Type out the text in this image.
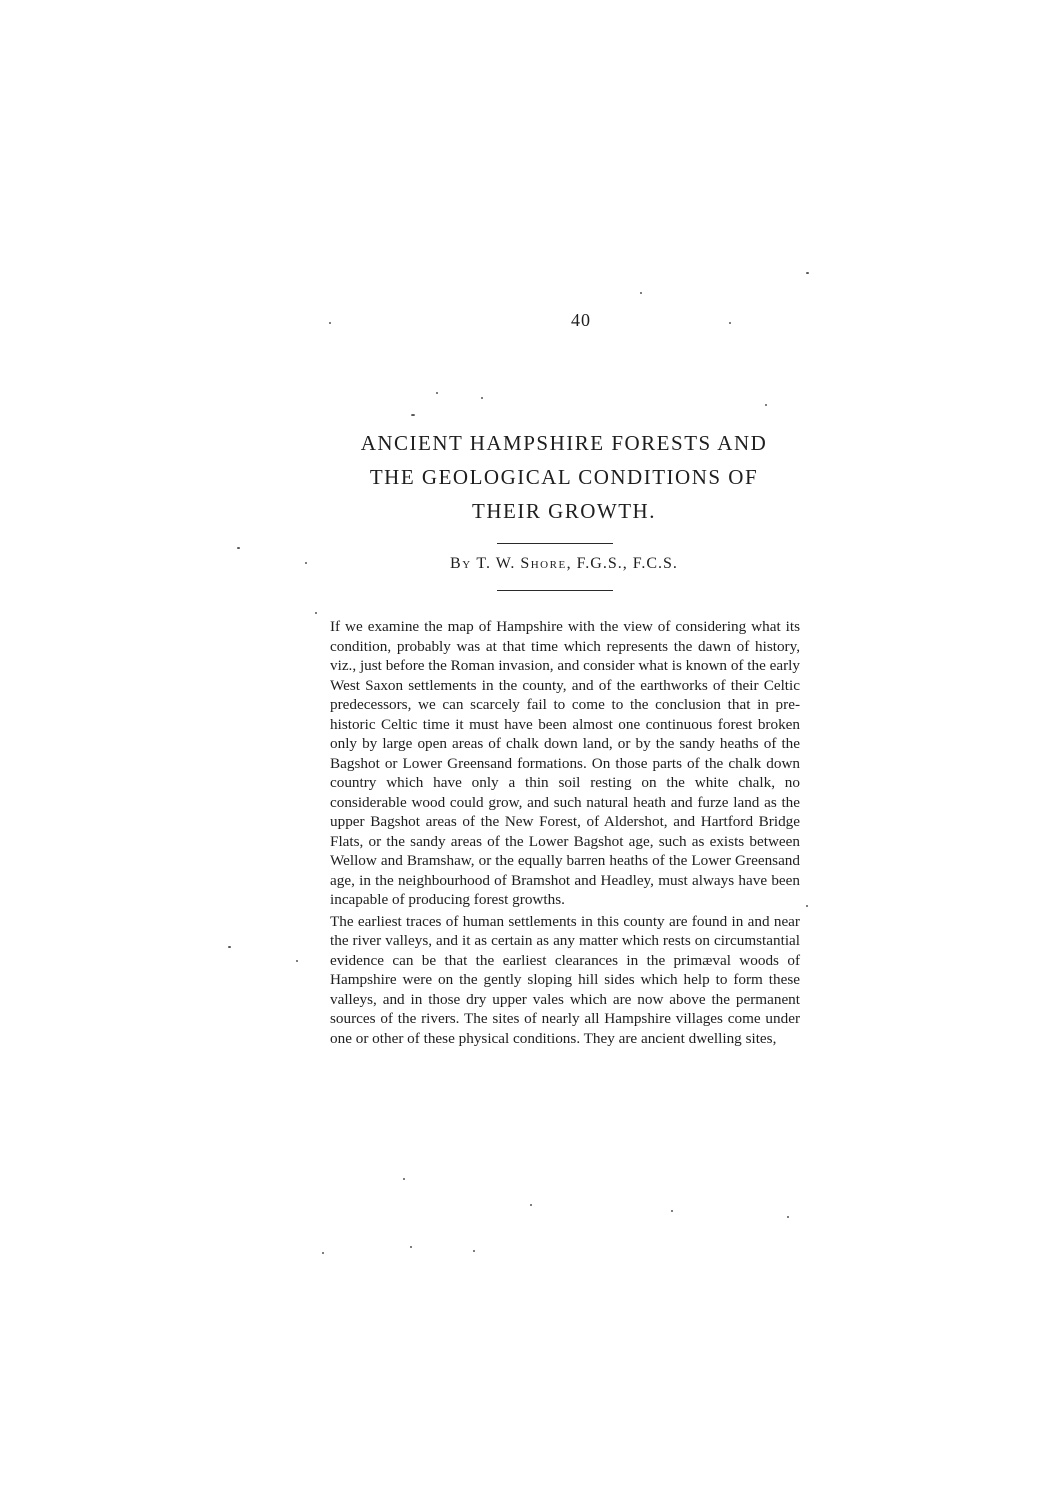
40
ANCIENT HAMPSHIRE FORESTS AND
THE GEOLOGICAL CONDITIONS OF
THEIR GROWTH.
By T. W. Shore, F.G.S., F.C.S.

If we examine the map of Hampshire with the view of considering what its condition, probably was at that time which represents the dawn of history, viz., just before the Roman invasion, and consider what is known of the early West Saxon settlements in the county, and of the earthworks of their Celtic predecessors, we can scarcely fail to come to the conclusion that in pre-historic Celtic time it must have been almost one continuous forest broken only by large open areas of chalk down land, or by the sandy heaths of the Bagshot or Lower Greensand formations. On those parts of the chalk down country which have only a thin soil resting on the white chalk, no considerable wood could grow, and such natural heath and furze land as the upper Bagshot areas of the New Forest, of Aldershot, and Hartford Bridge Flats, or the sandy areas of the Lower Bagshot age, such as exists between Wellow and Bramshaw, or the equally barren heaths of the Lower Greensand age, in the neighbourhood of Bramshot and Headley, must always have been incapable of producing forest growths.

The earliest traces of human settlements in this county are found in and near the river valleys, and it as certain as any matter which rests on circumstantial evidence can be that the earliest clearances in the primæval woods of Hampshire were on the gently sloping hill sides which help to form these valleys, and in those dry upper vales which are now above the permanent sources of the rivers. The sites of nearly all Hampshire villages come under one or other of these physical conditions. They are ancient dwelling sites,
